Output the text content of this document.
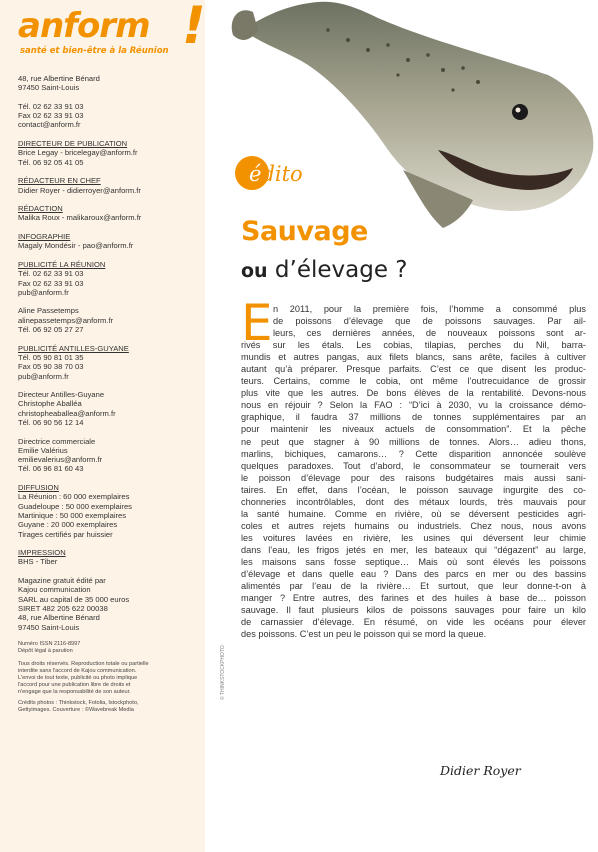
anform !
santé et bien-être à la Réunion

48, rue Albertine Bénard

97450 Saint-Louis

Tél. 02 62 33 91 03

Fax 02 62 33 91 03

contact@anform.fr

DIRECTEUR DE PUBLICATION

Brice Legay - bricelegay@anform.fr

Tél. 06 92 05 41 05

RÉDACTEUR EN CHEF

Didier Royer - didierroyer@anform.fr

RÉDACTION

Malika Roux - malikaroux@anform.fr

INFOGRAPHIE

Magaly Mondésir - pao@anform.fr

PUBLICITÉ LA RÉUNION

Tél. 02 62 33 91 03

Fax 02 62 33 91 03

pub@anform.fr

Aline Passetemps

alinepassetemps@anform.fr

Tél. 06 92 05 27 27

PUBLICITÉ ANTILLES-GUYANE

Tél. 05 90 81 01 35

Fax 05 90 38 70 03

pub@anform.fr

Directeur Antilles-Guyane

Christophe Aballéa

christopheaballea@anform.fr

Tél. 06 90 56 12 14

Directrice commerciale

Emilie Valérius

emilievalerius@anform.fr

Tél. 06 96 81 60 43

DIFFUSION

La Réunion : 60 000 exemplaires

Guadeloupe : 50 000 exemplaires

Martinique : 50 000 exemplaires

Guyane : 20 000 exemplaires

Tirages certifiés par huissier

IMPRESSION

BHS - Tiber

Magazine gratuit édité par

Kajou communication

SARL au capital de 35 000 euros

SIRET 482 205 622 00038

48, rue Albertine Bénard

97450 Saint-Louis

Numéro ISSN 2116-8997

Dépôt légal à parution

Tous droits réservés. Reproduction totale ou partielle

interdite sans l'accord de Kajou communication.

L'envoi de tout texte, publicité ou photo implique

l'accord pour une publication libre de droits et

n'engage que la responsabilité de son auteur.

Crédits photos : Thinkstock, Fotolia, Istockphoto,

Gettyimages. Couverture : ©Wavebreak Media

édito
Sauvage
ou d’élevage ?
E n 2011, pour la première fois, l’homme a consommé plus
de poissons d’élevage que de poissons sauvages. Par ail-
leurs, ces dernières années, de nouveaux poissons sont ar-
rivés sur les étals. Les cobias, tilapias, perches du Nil, barra-
mundis et autres pangas, aux filets blancs, sans arête, faciles à cultiver
autant qu’à préparer. Presque parfaits. C’est ce que disent les produc-
teurs. Certains, comme le cobia, ont même l’outrecuidance de grossir
plus vite que les autres. De bons élèves de la rentabilité. Devons-nous
nous en réjouir ? Selon la FAO : “D’ici à 2030, vu la croissance démo-
graphique, il faudra 37 millions de tonnes supplémentaires par an
pour maintenir les niveaux actuels de consommation”. Et la pêche
ne peut que stagner à 90 millions de tonnes. Alors… adieu thons,
marlins, bichiques, camarons… ? Cette disparition annoncée soulève
quelques paradoxes. Tout d’abord, le consommateur se tournerait vers
le poisson d’élevage pour des raisons budgétaires mais aussi sani-
taires. En effet, dans l’océan, le poisson sauvage ingurgite des co-
chonneries incontrôlables, dont des métaux lourds, très mauvais pour
la santé humaine. Comme en rivière, où se déversent pesticides agri-
coles et autres rejets humains ou industriels. Chez nous, nous avons
les voitures lavées en rivière, les usines qui déversent leur chimie
dans l’eau, les frigos jetés en mer, les bateaux qui “dégazent” au large,
les maisons sans fosse septique… Mais où sont élevés les poissons
d’élevage et dans quelle eau ? Dans des parcs en mer ou des bassins
alimentés par l’eau de la rivière… Et surtout, que leur donne-t-on à
manger ? Entre autres, des farines et des huiles à base de… poisson
sauvage. Il faut plusieurs kilos de poissons sauvages pour faire un kilo
de carnassier d’élevage. En résumé, on vide les océans pour élever
des poissons. C’est un peu le poisson qui se mord la queue.
Didier Royer
© THINKSTOCKPHOTO
